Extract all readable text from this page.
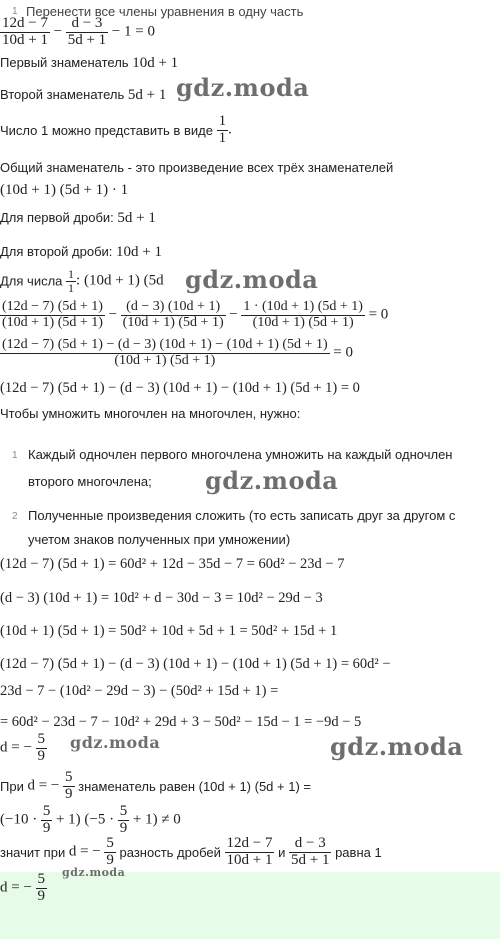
1 Перенести все члены уравнения в одну часть
$\frac{12d - 7}{10d + 1} - \frac{d - 3}{5d + 1} - 1 = 0$
Первый знаменатель 10d + 1
Второй знаменатель 5d + 1
Число 1 можно представить в виде $\frac{1}{1}$ .
Общий знаменатель - это произведение всех трёх знаменателей
(10d + 1) (5d + 1) · 1
Для первой дроби: 5d + 1
Для второй дроби: 10d + 1
Для числа $\frac{1}{1}$ : (10d + 1) (5d
$\frac{(12d - 7) (5d + 1)}{(10d + 1) (5d + 1)} - \frac{(d - 3) (10d + 1)}{(10d + 1) (5d + 1)} - \frac{1 \cdot (10d + 1) (5d + 1)}{(10d + 1) (5d + 1)} = 0$
$\frac{(12d - 7) (5d + 1) - (d - 3) (10d + 1) - (10d + 1) (5d + 1)}{(10d + 1) (5d + 1)} = 0$
(12d − 7) (5d + 1) − (d − 3) (10d + 1) − (10d + 1) (5d + 1) = 0
Чтобы умножить многочлен на многочлен, нужно:
1 Каждый одночлен первого многочлена умножить на каждый одночлен
второго многочлена;
2 Полученные произведения сложить (то есть записать друг за другом с
учетом знаков полученных при умножении)
(12d − 7) (5d + 1) = 60d² + 12d − 35d − 7 = 60d² − 23d − 7
(d − 3) (10d + 1) = 10d² + d − 30d − 3 = 10d² − 29d − 3
(10d + 1) (5d + 1) = 50d² + 10d + 5d + 1 = 50d² + 15d + 1
(12d − 7) (5d + 1) − (d − 3) (10d + 1) − (10d + 1) (5d + 1) = 60d² −
23d − 7 − (10d² − 29d − 3) − (50d² + 15d + 1) =
= 60d² − 23d − 7 − 10d² + 29d + 3 − 50d² − 15d − 1 = −9d − 5
d = − $\frac{5}{9}$
При d = − $\frac{5}{9}$ знаменатель равен (10d + 1) (5d + 1) =
$(-10 \cdot \frac{5}{9} + 1)$ $(-5 \cdot \frac{5}{9} + 1) \ne 0$
значит при d = − $\frac{5}{9}$ разность дробей $\frac{12d - 7}{10d + 1}$ и $\frac{d - 3}{5d + 1}$ равна 1
d = − $\frac{5}{9}$
gdz.moda
gdz.moda
gdz.moda
gdz.moda	gdz.moda
gdz.moda
